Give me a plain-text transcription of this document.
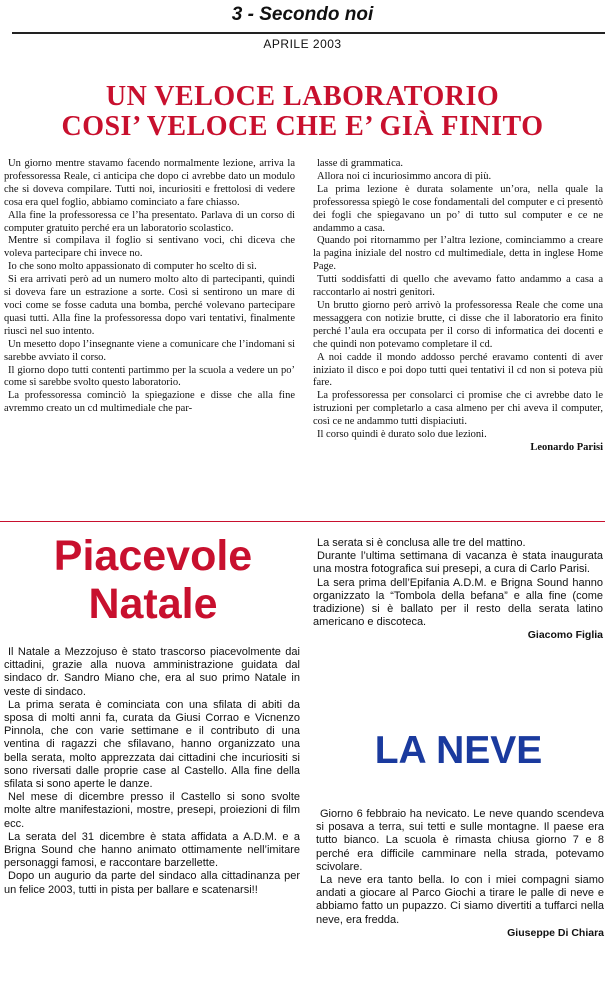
3 - Secondo noi
APRILE 2003
UN VELOCE LABORATORIO
COSI’ VELOCE CHE E’ GIÀ FINITO

Un giorno mentre stavamo facendo normalmente lezione, arriva la professoressa Reale, ci anticipa che dopo ci avrebbe dato un modulo che si doveva compilare. Tutti noi, incuriositi e frettolosi di vedere cosa era quel foglio, abbiamo cominciato a fare chiasso.

Alla fine la professoressa ce l’ha presentato. Parlava di un corso di computer gratuito perché era un laboratorio scolastico.

Mentre si compilava il foglio si sentivano voci, chi diceva che voleva partecipare chi invece no.

Io che sono molto appassionato di computer ho scelto di sì.

Si era arrivati però ad un numero molto alto di partecipanti, quindi si doveva fare un estrazione a sorte. Così si sentirono un mare di voci come se fosse caduta una bomba, perché volevano partecipare quasi tutti. Alla fine la professoressa dopo vari tentativi, finalmente riuscì nel suo intento.

Un mesetto dopo l’insegnante viene a comunicare che l’indomani si sarebbe avviato il corso.

Il giorno dopo tutti contenti partimmo per la scuola a vedere un po’ come si sarebbe svolto questo laboratorio.

La professoressa cominciò la spiegazione e disse che alla fine avremmo creato un cd multimediale che par-

lasse di grammatica.

Allora noi ci incuriosimmo ancora di più.

La prima lezione è durata solamente un’ora, nella quale la professoressa spiegò le cose fondamentali del computer e ci presentò dei fogli che spiegavano un po’ di tutto sul computer e ce ne andammo a casa.

Quando poi ritornammo per l’altra lezione, cominciammo a creare la pagina iniziale del nostro cd multimediale, detta in inglese Home Page.

Tutti soddisfatti di quello che avevamo fatto andammo a casa a raccontarlo ai nostri genitori.

Un brutto giorno però arrivò la professoressa Reale che come una messaggera con notizie brutte, ci disse che il laboratorio era finito perché l’aula era occupata per il corso di informatica dei docenti e che quindi non potevamo completare il cd.

A noi cadde il mondo addosso perché eravamo contenti di aver iniziato il disco e poi dopo tutti quei tentativi il cd non si poteva più fare.

La professoressa per consolarci ci promise che ci avrebbe dato le istruzioni per completarlo a casa almeno per chi aveva il computer, così ce ne andammo tutti dispiaciuti.

Il corso quindi è durato solo due lezioni.

Leonardo Parisi
Piacevole
Natale

Il Natale a Mezzojuso è stato trascorso piacevolmente dai cittadini, grazie alla nuova amministrazione guidata dal sindaco dr. Sandro Miano che, era al suo primo Natale in veste di sindaco.

La prima serata è cominciata con una sfilata di abiti da sposa di molti anni fa, curata da Giusi Corrao e Vicnenzo Pinnola, che con varie settimane e il contributo di una ventina di ragazzi che sfilavano, hanno organizzato una bella serata, molto apprezzata dai cittadini che incuriositi si sono riversati dalle proprie case al Castello. Alla fine della sfilata si sono aperte le danze.

Nel mese di dicembre presso il Castello si sono svolte molte altre manifestazioni, mostre, presepi, proiezioni di film ecc.

La serata del 31 dicembre è stata affidata a A.D.M. e a Brigna Sound che hanno animato ottimamente nell’imitare personaggi famosi, e raccontare barzellette.

Dopo un augurio da parte del sindaco alla cittadinanza per un felice 2003, tutti in pista per ballare e scatenarsi!!

La serata si è conclusa alle tre del mattino.

Durante l’ultima settimana di vacanza è stata inaugurata una mostra fotografica sui presepi, a cura di Carlo Parisi.

La sera prima dell’Epifania A.D.M. e Brigna Sound hanno organizzato la “Tombola della befana” e alla fine (come tradizione) si è ballato per il resto della serata latino americano e discoteca.

Giacomo Figlia
LA NEVE

Giorno 6 febbraio ha nevicato. Le neve quando scendeva si posava a terra, sui tetti e sulle montagne. Il paese era tutto bianco. La scuola è rimasta chiusa giorno 7 e 8 perché era difficile camminare nella strada, potevamo scivolare.

La neve era tanto bella. Io con i miei compagni siamo andati a giocare al Parco Giochi a tirare le palle di neve e abbiamo fatto un pupazzo. Ci siamo divertiti a tuffarci nella neve, era fredda.

Giuseppe Di Chiara
